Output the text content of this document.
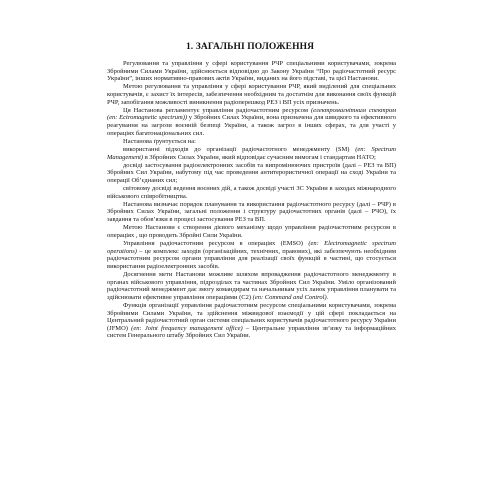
1. ЗАГАЛЬНІ ПОЛОЖЕННЯ

Регулювання та управління у сфері користування РЧР спеціальними користувачами, зокрема Збройними Силами України, здійснюється відповідно до Закону України “Про радіочастотний ресурс України”, інших нормативно-правових актів України, виданих на його підставі, та цієї Настанови.

Метою регулювання та управління у сфері користування РЧР, який виділений для спеціальних користувачів, є захист їх інтересів, забезпечення необхідним та достатнім для виконання своїх функцій РЧР, запобігання можливості виникнення радіоперешкод РЕЗ і ВП усіх призначень.

Ця Настанова регламентує управління радіочастотним ресурсом (електромагнітним спектром (en: Ectromagnetic spectrum)) у Збройних Силах України, вона призначена для швидкого та ефективного реагування на загрози воєнній безпеці України, а також загроз в інших сферах, та для участі у операціях багатонаціональних сил.

Настанова ґрунтується на:

використанні підходів до організації радіочастотного менеджменту (SM) (en: Spectrum Management) в Збройних Силах України, який відповідає сучасним вимогам і стандартам НАТО;

досвіді застосування радіоелектронних засобів та випромінюючих пристроїв (далі – РЕЗ та ВП) Збройних Сил України, набутому під час проведення антитерористичної операції на сході України та операції Об’єднаних сил;

світовому досвіді ведення воєнних дій, а також досвіді участі ЗС України в заходах міжнародного військового співробітництва.

Настанова визначає порядок планування та використання радіочастотного ресурсу (далі – РЧР) в Збройних Силах України, загальні положення і структуру радіочастотних органів (далі – РЧО), їх завдання та обов’язки в процесі застосування РЕЗ та ВП.

Метою Настанови є створення дієвого механізму щодо управління радіочастотним ресурсом в операціях , що проводить Збройні Сили України.

Управління радіочастотним ресурсом в операціях (EMSO) (en: Electromagnetic spectrum operations) – це комплекс заходів (організаційних, технічних, правових), які забезпечують необхідним радіочастотним ресурсом органи управління для реалізації своїх функцій в частині, що стосується використання радіоелектронних засобів.

Досягнення мети Настанови можливе шляхом впровадження радіочастотного менеджменту в органах військового управління, підрозділах та частинах Збройних Сил України. Уміло організований радіочастотний менеджмент дає змогу командирам та начальникам усіх ланок управління планувати та здійснювати ефективне управління операціями (C2) (en: Command and Control).

Функція організації управління радіочастотним ресурсом спеціальними користувачами, зокрема Збройними Силами України, та здійснення міжвидової взаємодії у цій сфері покладається на Центральний радіочастотний орган системи спеціальних користувачів радіочастотного ресурсу України (JFMO) (en: Joint frequency management office) – Центральне управління зв’язку та інформаційних систем Генерального штабу Збройних Сил України.
